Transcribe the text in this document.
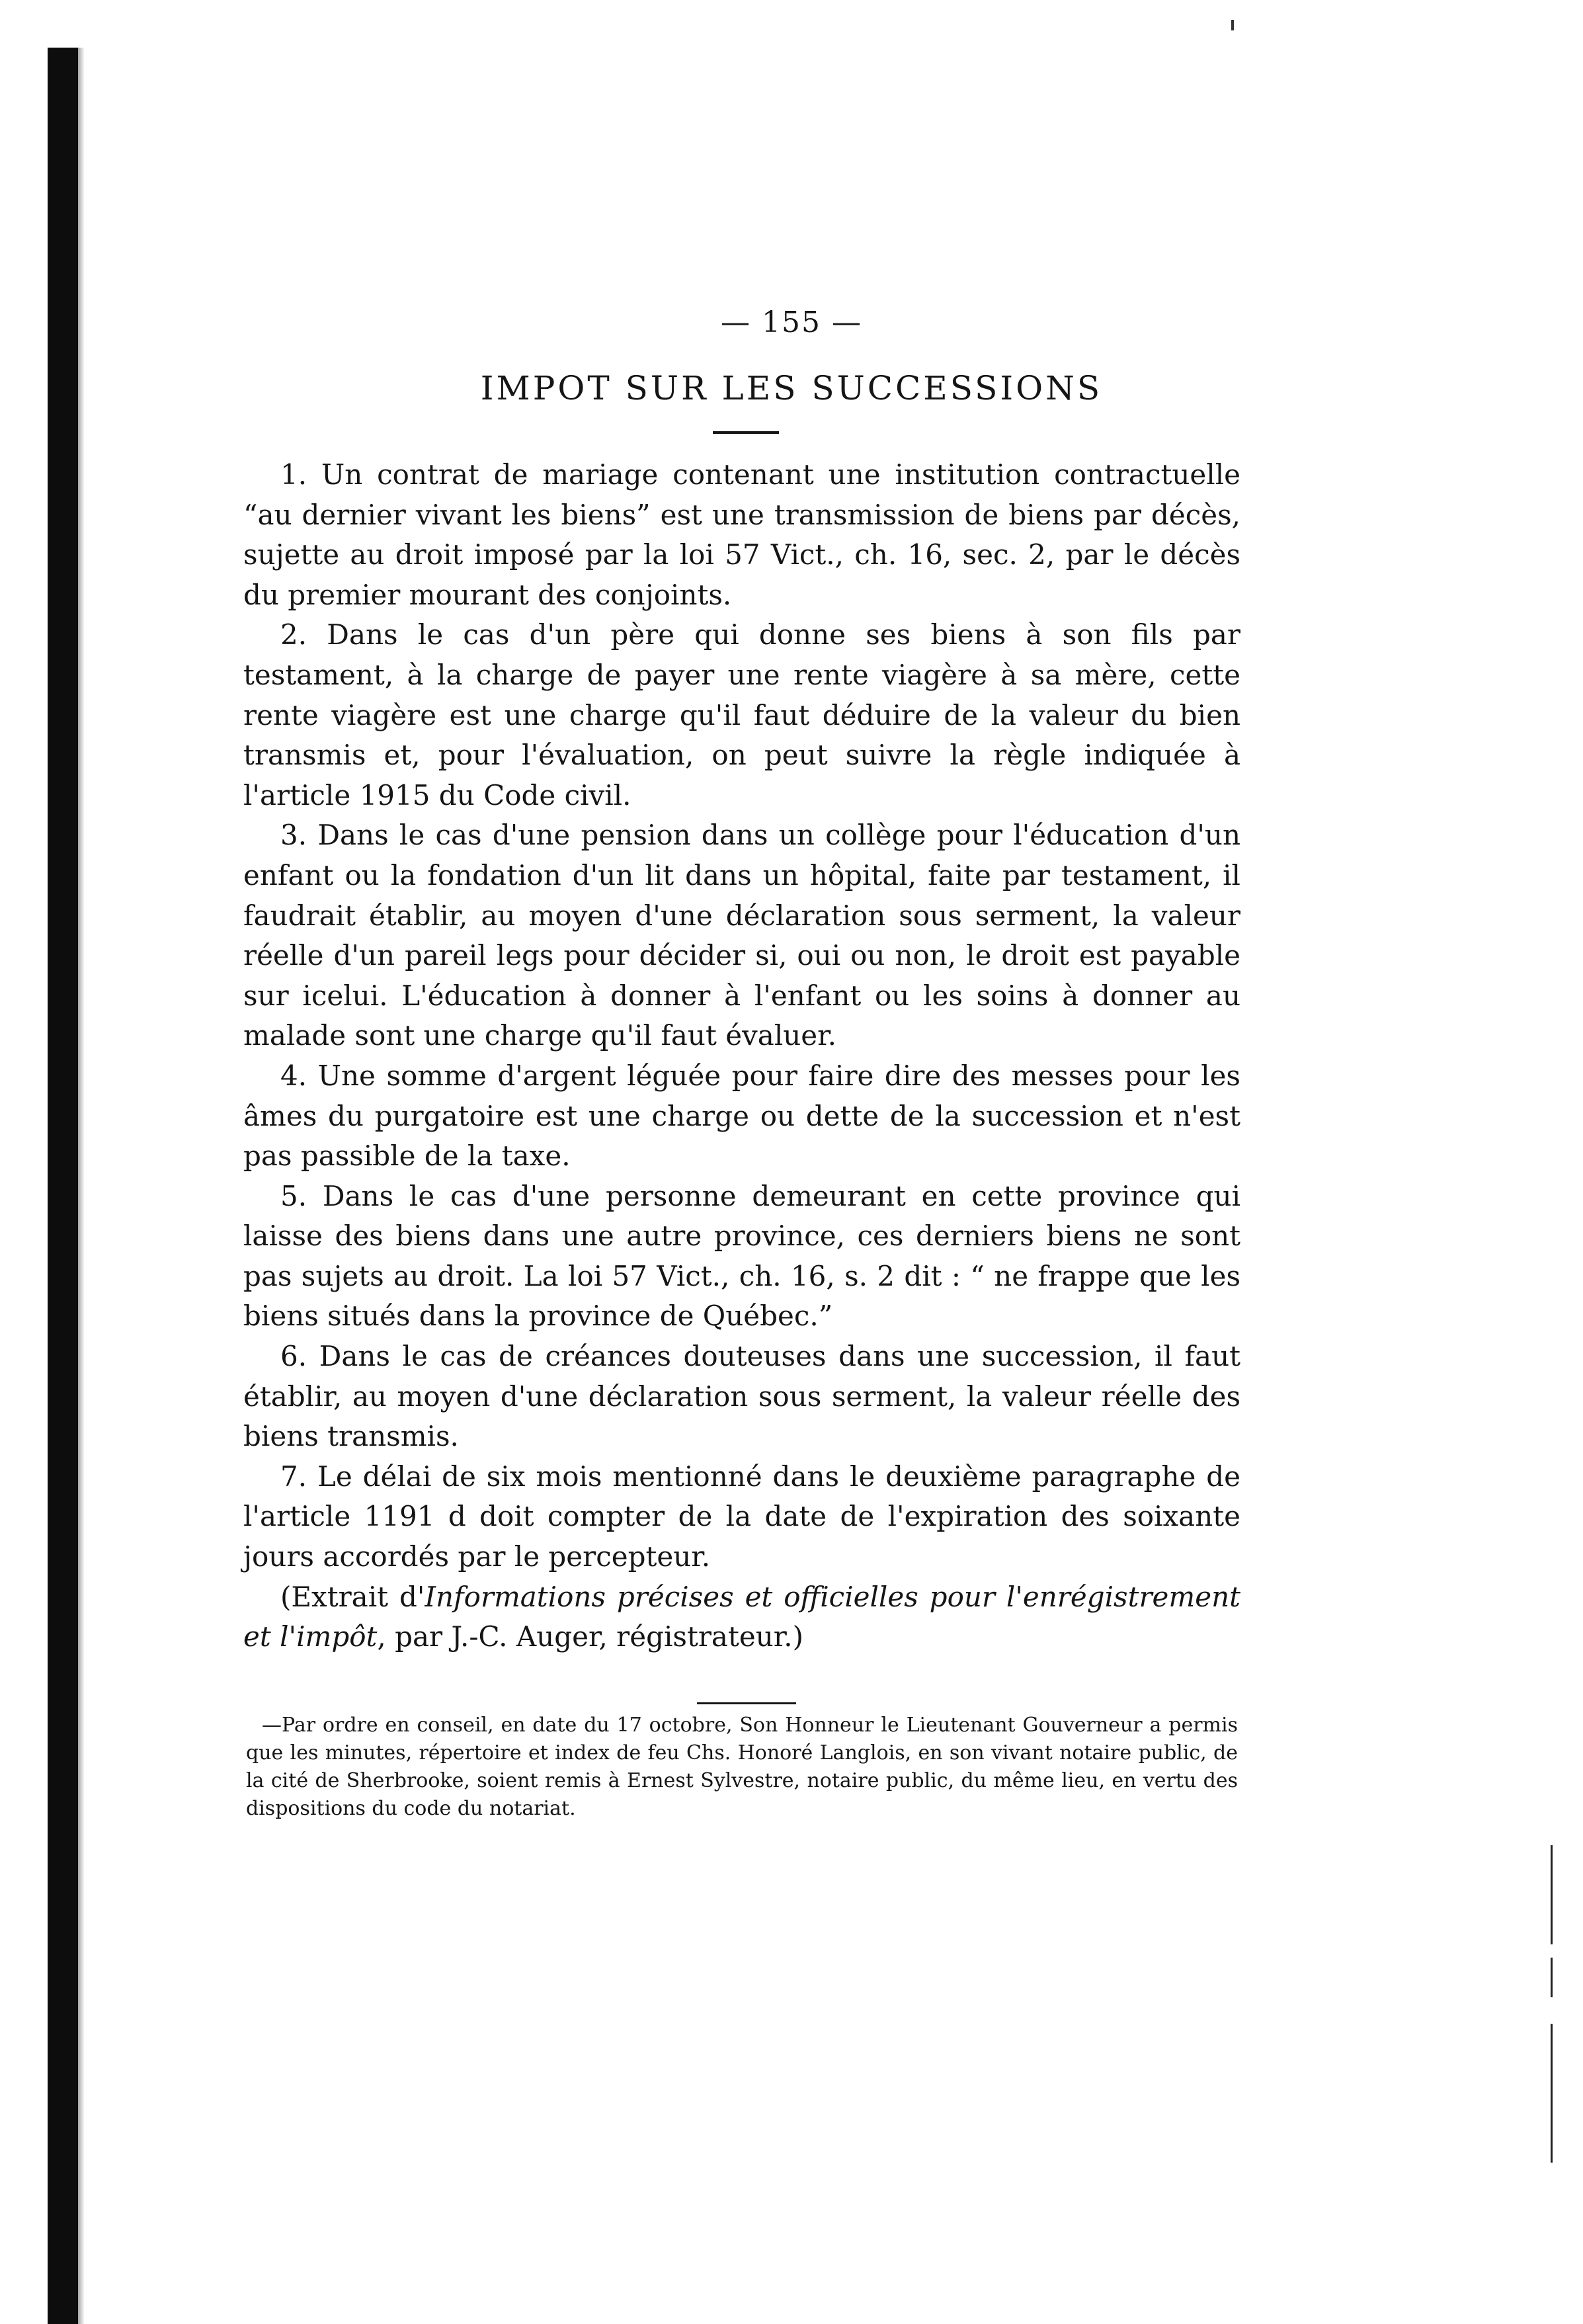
— 155 —
IMPOT SUR LES SUCCESSIONS

1. Un contrat de mariage contenant une institution contractuelle “au dernier vivant les biens” est une transmission de biens par décès, sujette au droit imposé par la loi 57 Vict., ch. 16, sec. 2, par le décès du premier mourant des conjoints.

2. Dans le cas d'un père qui donne ses biens à son fils par testament, à la charge de payer une rente viagère à sa mère, cette rente viagère est une charge qu'il faut déduire de la valeur du bien transmis et, pour l'évaluation, on peut suivre la règle indiquée à l'article 1915 du Code civil.

3. Dans le cas d'une pension dans un collège pour l'éducation d'un enfant ou la fondation d'un lit dans un hôpital, faite par testament, il faudrait établir, au moyen d'une déclaration sous serment, la valeur réelle d'un pareil legs pour décider si, oui ou non, le droit est payable sur icelui. L'éducation à donner à l'enfant ou les soins à donner au malade sont une charge qu'il faut évaluer.

4. Une somme d'argent léguée pour faire dire des messes pour les âmes du purgatoire est une charge ou dette de la succession et n'est pas passible de la taxe.

5. Dans le cas d'une personne demeurant en cette province qui laisse des biens dans une autre province, ces derniers biens ne sont pas sujets au droit. La loi 57 Vict., ch. 16, s. 2 dit : “ ne frappe que les biens situés dans la province de Québec.”

6. Dans le cas de créances douteuses dans une succession, il faut établir, au moyen d'une déclaration sous serment, la valeur réelle des biens transmis.

7. Le délai de six mois mentionné dans le deuxième paragraphe de l'article 1191 d doit compter de la date de l'expiration des soixante jours accordés par le percepteur.

(Extrait d'Informations précises et officielles pour l'enrégistrement et l'impôt, par J.-C. Auger, régistrateur.)

—Par ordre en conseil, en date du 17 octobre, Son Honneur le Lieutenant Gouverneur a permis que les minutes, répertoire et index de feu Chs. Honoré Langlois, en son vivant notaire public, de la cité de Sherbrooke, soient remis à Ernest Sylvestre, notaire public, du même lieu, en vertu des dispositions du code du notariat.
